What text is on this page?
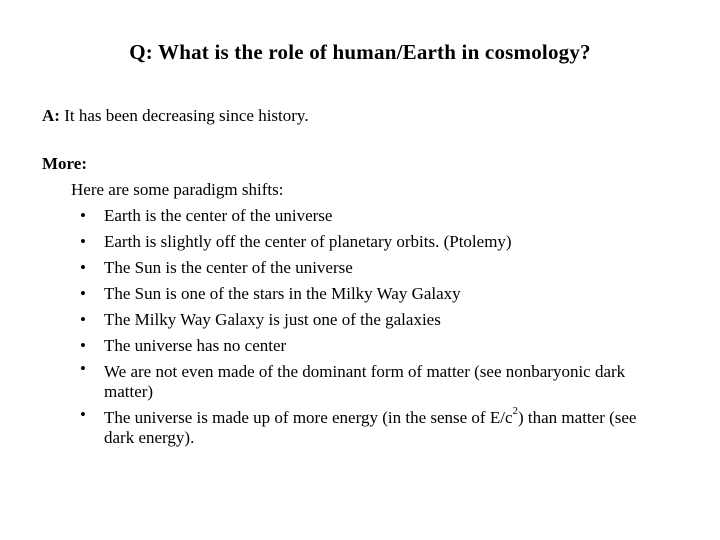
Q: What is the role of human/Earth in cosmology?
A: It has been decreasing since history.
More:
Here are some paradigm shifts:
• Earth is the center of the universe
• Earth is slightly off the center of planetary orbits. (Ptolemy)
• The Sun is the center of the universe
• The Sun is one of the stars in the Milky Way Galaxy
• The Milky Way Galaxy is just one of the galaxies
• The universe has no center
• We are not even made of the dominant form of matter (see nonbaryonic dark matter)
• The universe is made up of more energy (in the sense of $E/c^2$) than matter (see dark energy).
